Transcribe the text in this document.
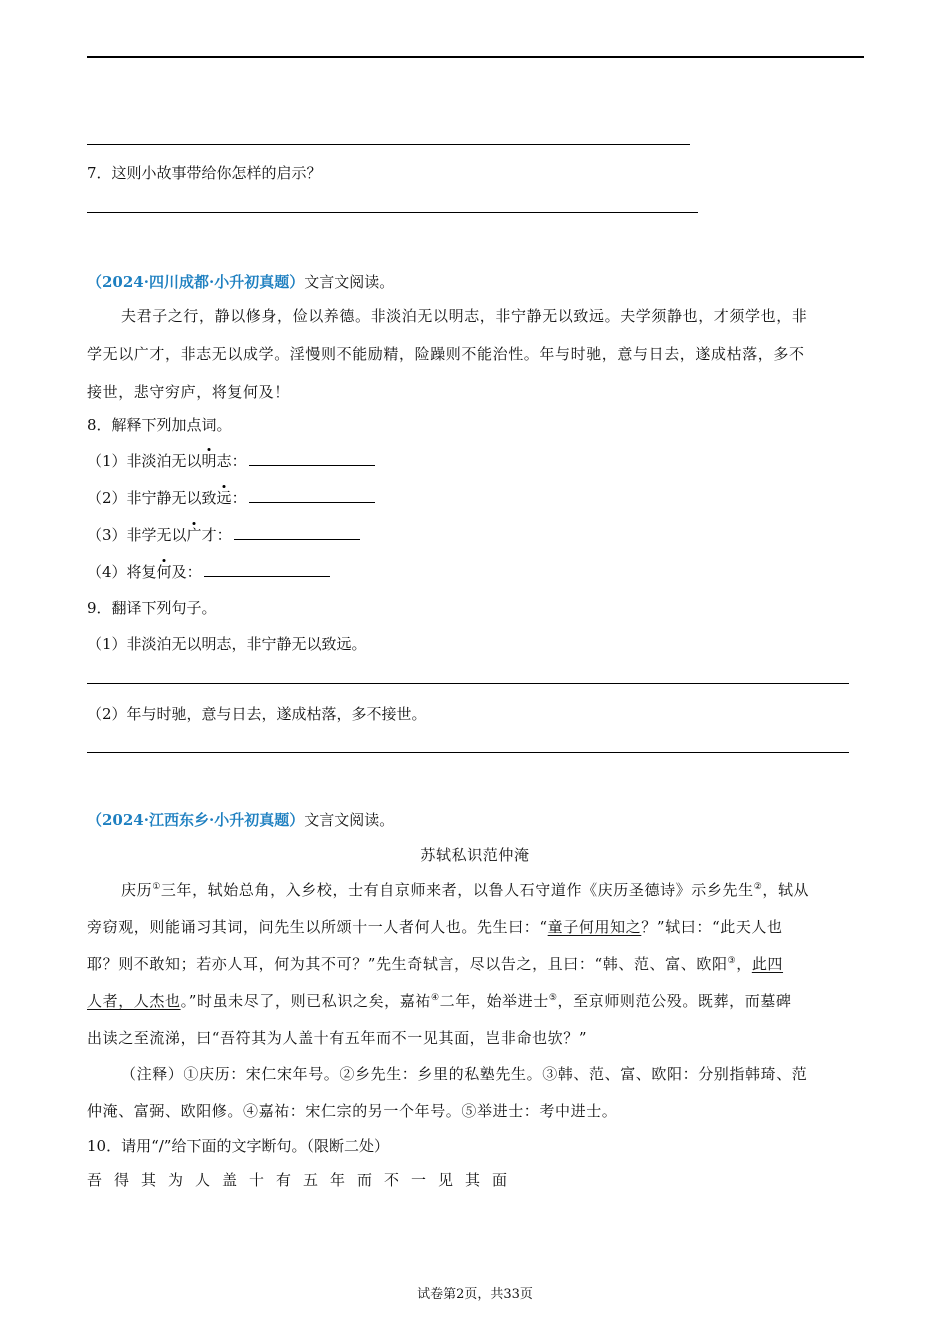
7．这则小故事带给你怎样的启示？
（2024·四川成都·小升初真题）文言文阅读。
夫君子之行，静以修身，俭以养德。非淡泊无以明志，非宁静无以致远。夫学须静也，才须学也，非
学无以广才，非志无以成学。淫慢则不能励精，险躁则不能治性。年与时驰，意与日去，遂成枯落，多不
接世，悲守穷庐，将复何及！
8．解释下列加点词。
（1）非淡泊无以明志：
（2）非宁静无以致远：
（3）非学无以广才：
（4）将复何及：
9．翻译下列句子。
（1）非淡泊无以明志，非宁静无以致远。
（2）年与时驰，意与日去，遂成枯落，多不接世。
（2024·江西东乡·小升初真题）文言文阅读。
苏轼私识范仲淹
庆历①三年，轼始总角，入乡校，士有自京师来者，以鲁人石守道作《庆历圣德诗》示乡先生②，轼从
旁窃观，则能诵习其词，问先生以所颂十一人者何人也。先生曰：“童子何用知之？”轼曰：“此天人也
耶？则不敢知；若亦人耳，何为其不可？”先生奇轼言，尽以告之，且曰：“韩、范、富、欧阳③，此四
人者，人杰也。”时虽未尽了，则已私识之矣，嘉祐④二年，始举进士⑤，至京师则范公殁。既葬，而墓碑
出读之至流涕，曰“吾符其为人盖十有五年而不一见其面，岂非命也欤？”
（注释）①庆历：宋仁宋年号。②乡先生：乡里的私塾先生。③韩、范、富、欧阳：分别指韩琦、范
仲淹、富弼、欧阳修。④嘉祐：宋仁宗的另一个年号。⑤举进士：考中进士。
10．请用“/”给下面的文字断句。（限断二处）
吾得其为人盖十有五年而不一见其面
试卷第2页，共33页
